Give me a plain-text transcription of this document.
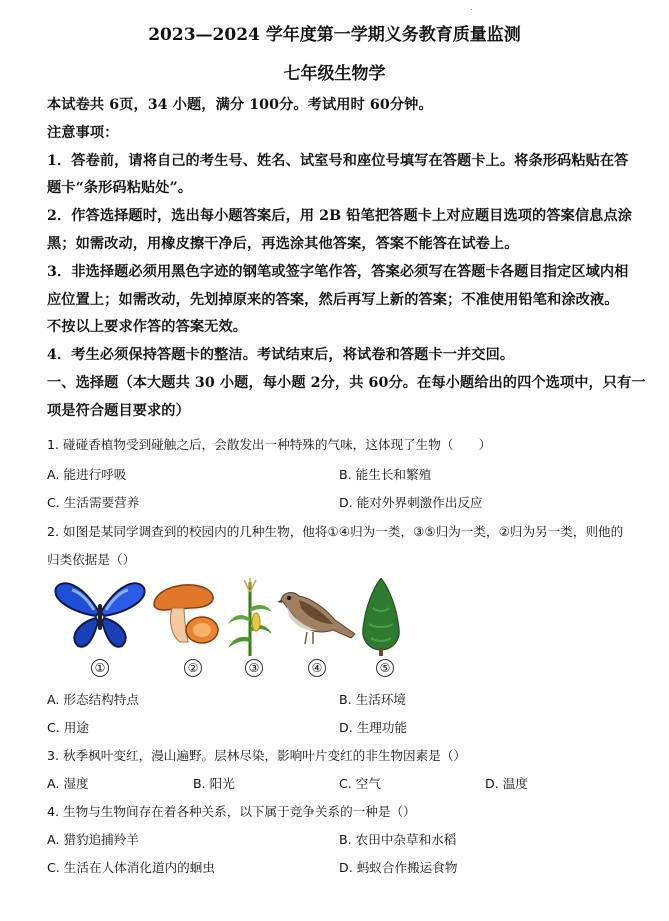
.
2023—2024 学年度第一学期义务教育质量监测
七年级生物学
本试卷共 6页，34 小题，满分 100分。考试用时 60分钟。
注意事项：
1．答卷前，请将自己的考生号、姓名、试室号和座位号填写在答题卡上。将条形码粘贴在答
题卡“条形码粘贴处”。
2．作答选择题时，选出每小题答案后，用 2B 铅笔把答题卡上对应题目选项的答案信息点涂
黑；如需改动，用橡皮擦干净后，再选涂其他答案，答案不能答在试卷上。
3．非选择题必须用黑色字迹的钢笔或签字笔作答，答案必须写在答题卡各题目指定区域内相
应位置上；如需改动，先划掉原来的答案，然后再写上新的答案；不准使用铅笔和涂改液。
不按以上要求作答的答案无效。
4．考生必须保持答题卡的整洁。考试结束后，将试卷和答题卡一并交回。
一、选择题（本大题共 30 小题，每小题 2分，共 60分。在每小题给出的四个选项中，只有一
项是符合题目要求的）
1. 碰碰香植物受到碰触之后，会散发出一种特殊的气味，这体现了生物（　　）
A. 能进行呼吸	B. 能生长和繁殖
C. 生活需要营养	D. 能对外界刺激作出反应
2. 如图是某同学调查到的校园内的几种生物，他将①④归为一类，③⑤归为一类，②归为另一类，则他的
归类依据是（）
①	②	③	④	⑤
A. 形态结构特点	B. 生活环境
C. 用途	D. 生理功能
3. 秋季枫叶变红，漫山遍野。层林尽染，影响叶片变红的非生物因素是（）
A. 湿度	B. 阳光	C. 空气	D. 温度
4. 生物与生物间存在着各种关系，以下属于竞争关系的一种是（）
A. 猎豹追捕羚羊	B. 农田中杂草和水稻
C. 生活在人体消化道内的蛔虫	D. 蚂蚁合作搬运食物
